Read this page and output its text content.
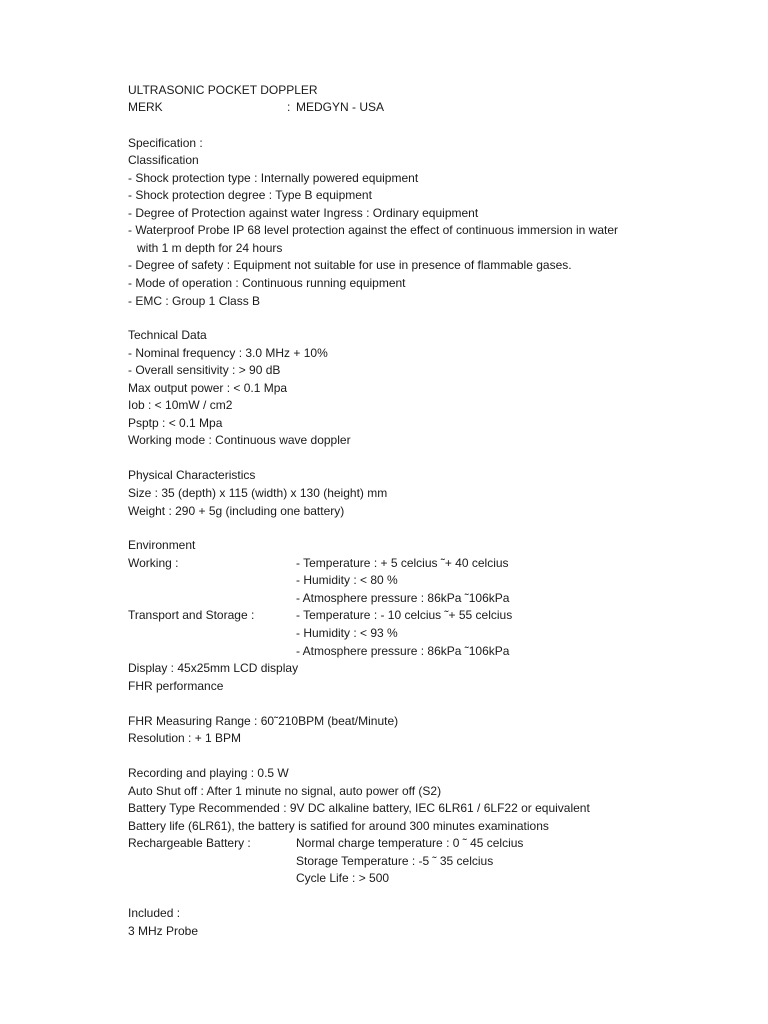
ULTRASONIC POCKET DOPPLER
MERK	: MEDGYN - USA
Specification :
Classification
- Shock protection type : Internally powered equipment
- Shock protection degree : Type B equipment
- Degree of Protection against water Ingress : Ordinary equipment
- Waterproof Probe IP 68 level protection against the effect of continuous immersion in water
with 1 m depth for 24 hours
- Degree of safety : Equipment not suitable for use in presence of flammable gases.
- Mode of operation : Continuous running equipment
- EMC : Group 1 Class B
Technical Data
- Nominal frequency : 3.0 MHz + 10%
- Overall sensitivity : > 90 dB
Max output power : < 0.1 Mpa
Iob : < 10mW / cm2
Psptp : < 0.1 Mpa
Working mode : Continuous wave doppler
Physical Characteristics
Size : 35 (depth) x 115 (width) x 130 (height) mm
Weight : 290 + 5g (including one battery)
Environment
Working :	- Temperature : + 5 celcius ˜+ 40 celcius
- Humidity : < 80 %
- Atmosphere pressure : 86kPa ˜106kPa
Transport and Storage :	- Temperature : - 10 celcius ˜+ 55 celcius
- Humidity : < 93 %
- Atmosphere pressure : 86kPa ˜106kPa
Display : 45x25mm LCD display
FHR performance
FHR Measuring Range : 60˜210BPM (beat/Minute)
Resolution : + 1 BPM
Recording and playing : 0.5 W
Auto Shut off : After 1 minute no signal, auto power off (S2)
Battery Type Recommended : 9V DC alkaline battery, IEC 6LR61 / 6LF22 or equivalent
Battery life (6LR61), the battery is satified for around 300 minutes examinations
Rechargeable Battery :	Normal charge temperature : 0 ˜ 45 celcius
Storage Temperature : -5 ˜ 35 celcius
Cycle Life : > 500
Included :
3 MHz Probe
